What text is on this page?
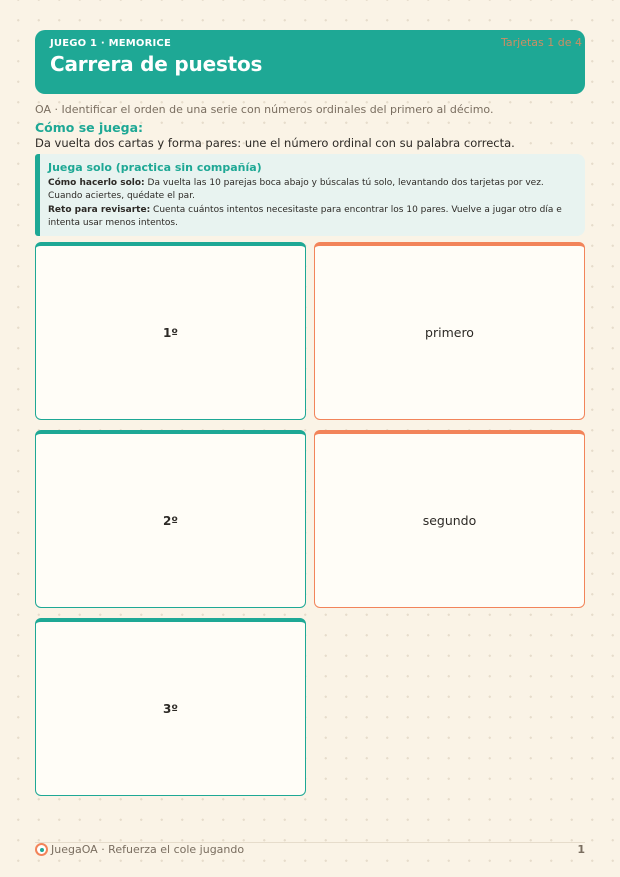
JUEGO 1 · MEMORICE
Carrera de puestos
Tarjetas 1 de 4
OA · Identificar el orden de una serie con números ordinales del primero al décimo.
Cómo se juega:
Da vuelta dos cartas y forma pares: une el número ordinal con su palabra correcta.
Juega solo (practica sin compañía)
Cómo hacerlo solo: Da vuelta las 10 parejas boca abajo y búscalas tú solo, levantando dos tarjetas por vez. Cuando aciertes, quédate el par.
Reto para revisarte: Cuenta cuántos intentos necesitaste para encontrar los 10 pares. Vuelve a jugar otro día e intenta usar menos intentos.
1º	primero
2º	segundo
3º
JuegaOA · Refuerza el cole jugando	1
